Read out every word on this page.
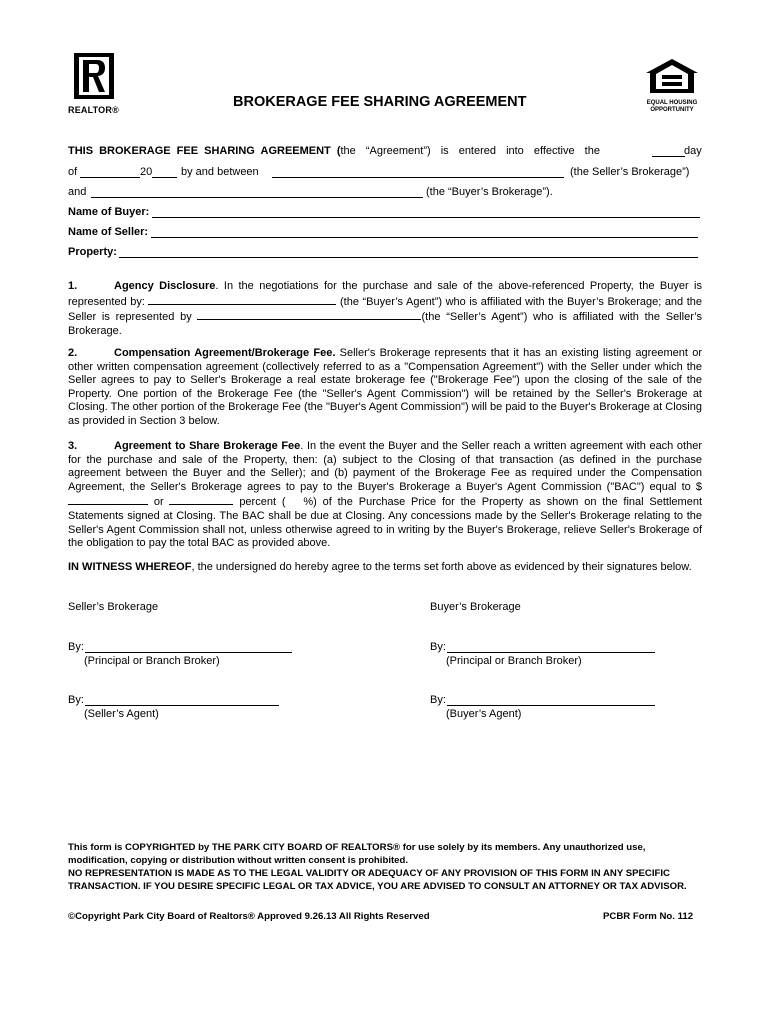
REALTOR®
EQUAL HOUSING
OPPORTUNITY
BROKERAGE FEE SHARING AGREEMENT
THIS BROKERAGE FEE SHARING AGREEMENT (the “Agreement”) is entered into effective the	day
of	20	by and between	(the Seller’s Brokerage”)
and	(the “Buyer’s Brokerage”).
Name of Buyer:
Name of Seller:
Property:
1.	Agency Disclosure. In the negotiations for the purchase and sale of the above-referenced Property, the Buyer is represented by:	(the “Buyer’s Agent”) who is affiliated with the Buyer’s Brokerage; and the Seller is represented by	(the “Seller’s Agent”) who is affiliated with the Seller’s Brokerage.
2.	Compensation Agreement/Brokerage Fee. Seller's Brokerage represents that it has an existing listing agreement or other written compensation agreement (collectively referred to as a "Compensation Agreement") with the Seller under which the Seller agrees to pay to Seller's Brokerage a real estate brokerage fee ("Brokerage Fee") upon the closing of the sale of the Property. One portion of the Brokerage Fee (the "Seller's Agent Commission") will be retained by the Seller's Brokerage at Closing. The other portion of the Brokerage Fee (the "Buyer's Agent Commission") will be paid to the Buyer's Brokerage at Closing as provided in Section 3 below.
3.	Agreement to Share Brokerage Fee. In the event the Buyer and the Seller reach a written agreement with each other for the purchase and sale of the Property, then: (a) subject to the Closing of that transaction (as defined in the purchase agreement between the Buyer and the Seller); and (b) payment of the Brokerage Fee as required under the Compensation Agreement, the Seller's Brokerage agrees to pay to the Buyer's Brokerage a Buyer's Agent Commission ("BAC") equal to $ or	percent ( %) of the Purchase Price for the Property as shown on the final Settlement Statements signed at Closing. The BAC shall be due at Closing. Any concessions made by the Seller's Brokerage relating to the Seller's Agent Commission shall not, unless otherwise agreed to in writing by the Buyer's Brokerage, relieve Seller's Brokerage of the obligation to pay the total BAC as provided above.
IN WITNESS WHEREOF, the undersigned do hereby agree to the terms set forth above as evidenced by their signatures below.
Seller’s Brokerage	Buyer’s Brokerage
By:
(Principal or Branch Broker)
By:
(Principal or Branch Broker)
By:
(Seller’s Agent)
By:
(Buyer’s Agent)
This form is COPYRIGHTED by THE PARK CITY BOARD OF REALTORS® for use solely by its members. Any unauthorized use, modification, copying or distribution without written consent is prohibited.
NO REPRESENTATION IS MADE AS TO THE LEGAL VALIDITY OR ADEQUACY OF ANY PROVISION OF THIS FORM IN ANY SPECIFIC TRANSACTION. IF YOU DESIRE SPECIFIC LEGAL OR TAX ADVICE, YOU ARE ADVISED TO CONSULT AN ATTORNEY OR TAX ADVISOR.
©Copyright Park City Board of Realtors® Approved 9.26.13 All Rights Reserved	PCBR Form No. 112
